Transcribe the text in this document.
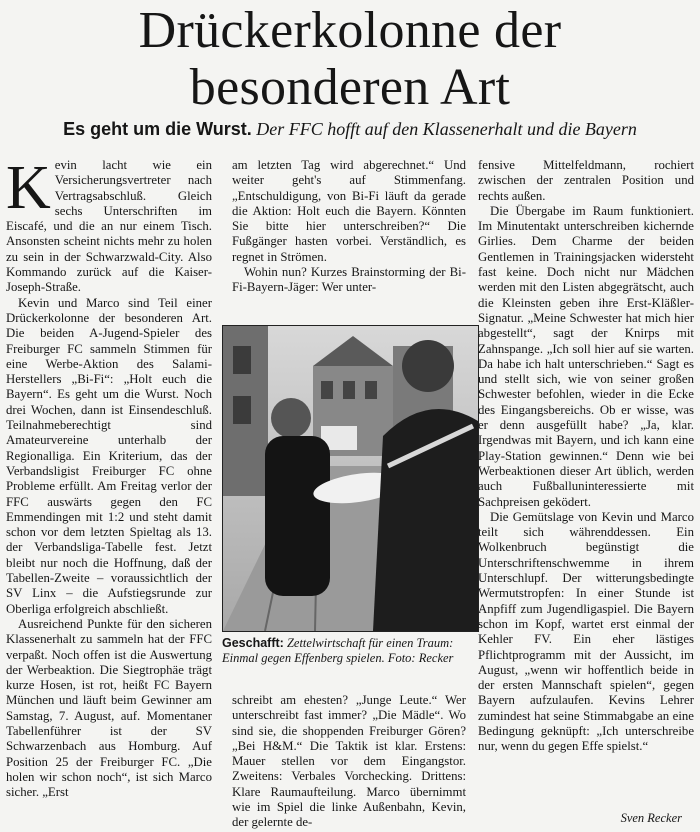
Drückerkolonne der
besonderen Art
Es geht um die Wurst. Der FFC hofft auf den Klassenerhalt und die Bayern

Kevin lacht wie ein Versicherungsvertreter nach Vertragsabschluß. Gleich sechs Unterschriften im Eiscafé, und die an nur einem Tisch. Ansonsten scheint nichts mehr zu holen zu sein in der Schwarzwald-City. Also Kommando zurück auf die Kaiser-Joseph-Straße.

Kevin und Marco sind Teil einer Drückerkolonne der besonderen Art. Die beiden A-Jugend-Spieler des Freiburger FC sammeln Stimmen für eine Werbe-Aktion des Salami-Herstellers „Bi-Fi“: „Holt euch die Bayern“. Es geht um die Wurst. Noch drei Wochen, dann ist Einsendeschluß. Teilnahmeberechtigt sind Amateurvereine unterhalb der Regionalliga. Ein Kriterium, das der Verbandsligist Freiburger FC ohne Probleme erfüllt. Am Freitag verlor der FFC auswärts gegen den FC Emmendingen mit 1:2 und steht damit schon vor dem letzten Spieltag als 13. der Verbandsliga-Tabelle fest. Jetzt bleibt nur noch die Hoffnung, daß der Tabellen-Zweite – voraussichtlich der SV Linx – die Aufstiegsrunde zur Oberliga erfolgreich abschließt.

Ausreichend Punkte für den sicheren Klassenerhalt zu sammeln hat der FFC verpaßt. Noch offen ist die Auswertung der Werbeaktion. Die Siegtrophäe trägt kurze Hosen, ist rot, heißt FC Bayern München und läuft beim Gewinner am Samstag, 7. August, auf. Momentaner Tabellenführer ist der SV Schwarzenbach aus Homburg. Auf Position 25 der Freiburger FC. „Die holen wir schon noch“, ist sich Marco sicher. „Erst

am letzten Tag wird abgerechnet.“ Und weiter geht's auf Stimmenfang. „Entschuldigung, von Bi-Fi läuft da gerade die Aktion: Holt euch die Bayern. Könnten Sie bitte hier unterschreiben?“ Die Fußgänger hasten vorbei. Verständlich, es regnet in Strömen.

Wohin nun? Kurzes Brainstorming der Bi-Fi-Bayern-Jäger: Wer unter-

Geschafft: Zettelwirtschaft für einen Traum: Einmal gegen Effenberg spielen. Foto: Recker

schreibt am ehesten? „Junge Leute.“ Wer unterschreibt fast immer? „Die Mädle“. Wo sind sie, die shoppenden Freiburger Gören? „Bei H&M.“ Die Taktik ist klar. Erstens: Mauer stellen vor dem Eingangstor. Zweitens: Verbales Vorchecking. Drittens: Klare Raumaufteilung. Marco übernimmt wie im Spiel die linke Außenbahn, Kevin, der gelernte de-

fensive Mittelfeldmann, rochiert zwischen der zentralen Position und rechts außen.

Die Übergabe im Raum funktioniert. Im Minutentakt unterschreiben kichernde Girlies. Dem Charme der beiden Gentlemen in Trainingsjacken widersteht fast keine. Doch nicht nur Mädchen werden mit den Listen abgegrätscht, auch die Kleinsten geben ihre Erst-Kläßler-Signatur. „Meine Schwester hat mich hier abgestellt“, sagt der Knirps mit Zahnspange. „Ich soll hier auf sie warten. Da habe ich halt unterschrieben.“ Sagt es und stellt sich, wie von seiner großen Schwester befohlen, wieder in die Ecke des Eingangsbereichs. Ob er wisse, was er denn ausgefüllt habe? „Ja, klar. Irgendwas mit Bayern, und ich kann eine Play-Station gewinnen.“ Denn wie bei Werbeaktionen dieser Art üblich, werden auch Fußballuninteressierte mit Sachpreisen geködert.

Die Gemütslage von Kevin und Marco teilt sich währenddessen. Ein Wolkenbruch begünstigt die Unterschriftenschwemme in ihrem Unterschlupf. Der witterungsbedingte Wermutstropfen: In einer Stunde ist Anpfiff zum Jugendligaspiel. Die Bayern schon im Kopf, wartet erst einmal der Kehler FV. Ein eher lästiges Pflichtprogramm mit der Aussicht, im August, „wenn wir hoffentlich beide in der ersten Mannschaft spielen“, gegen Bayern aufzulaufen. Kevins Lehrer zumindest hat seine Stimmabgabe an eine Bedingung geknüpft: „Ich unterschreibe nur, wenn du gegen Effe spielst.“

Sven Recker
